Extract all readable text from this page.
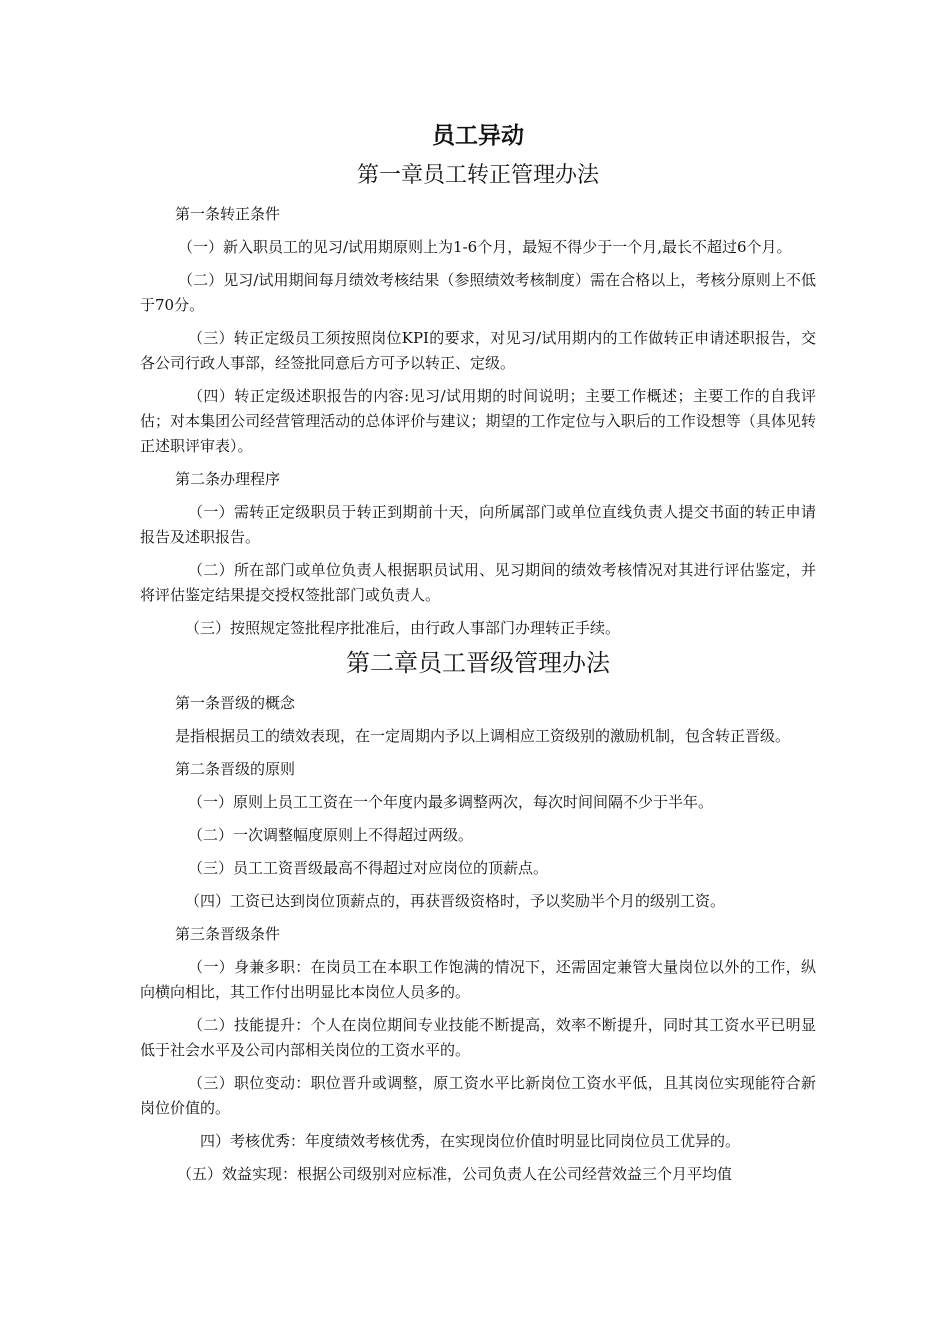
员工异动
第一章员工转正管理办法

第一条转正条件

（一）新入职员工的见习/试用期原则上为1-6个月，最短不得少于一个月,最长不超过6个月。

（二）见习/试用期间每月绩效考核结果（参照绩效考核制度）需在合格以上，考核分原则上不低于70分。

（三）转正定级员工须按照岗位KPI的要求，对见习/试用期内的工作做转正申请述职报告，交各公司行政人事部，经签批同意后方可予以转正、定级。

（四）转正定级述职报告的内容:见习/试用期的时间说明；主要工作概述；主要工作的自我评估；对本集团公司经营管理活动的总体评价与建议；期望的工作定位与入职后的工作设想等（具体见转正述职评审表）。

第二条办理程序

（一）需转正定级职员于转正到期前十天，向所属部门或单位直线负责人提交书面的转正申请报告及述职报告。

（二）所在部门或单位负责人根据职员试用、见习期间的绩效考核情况对其进行评估鉴定，并将评估鉴定结果提交授权签批部门或负责人。

（三）按照规定签批程序批准后，由行政人事部门办理转正手续。

第二章员工晋级管理办法

第一条晋级的概念

是指根据员工的绩效表现，在一定周期内予以上调相应工资级别的激励机制，包含转正晋级。

第二条晋级的原则

（一）原则上员工工资在一个年度内最多调整两次，每次时间间隔不少于半年。

（二）一次调整幅度原则上不得超过两级。

（三）员工工资晋级最高不得超过对应岗位的顶薪点。

（四）工资已达到岗位顶薪点的，再获晋级资格时，予以奖励半个月的级别工资。

第三条晋级条件

（一）身兼多职：在岗员工在本职工作饱满的情况下，还需固定兼管大量岗位以外的工作，纵向横向相比，其工作付出明显比本岗位人员多的。

（二）技能提升：个人在岗位期间专业技能不断提高，效率不断提升，同时其工资水平已明显低于社会水平及公司内部相关岗位的工资水平的。

（三）职位变动：职位晋升或调整，原工资水平比新岗位工资水平低，且其岗位实现能符合新岗位价值的。

四）考核优秀：年度绩效考核优秀，在实现岗位价值时明显比同岗位员工优异的。

（五）效益实现：根据公司级别对应标准，公司负责人在公司经营效益三个月平均值
